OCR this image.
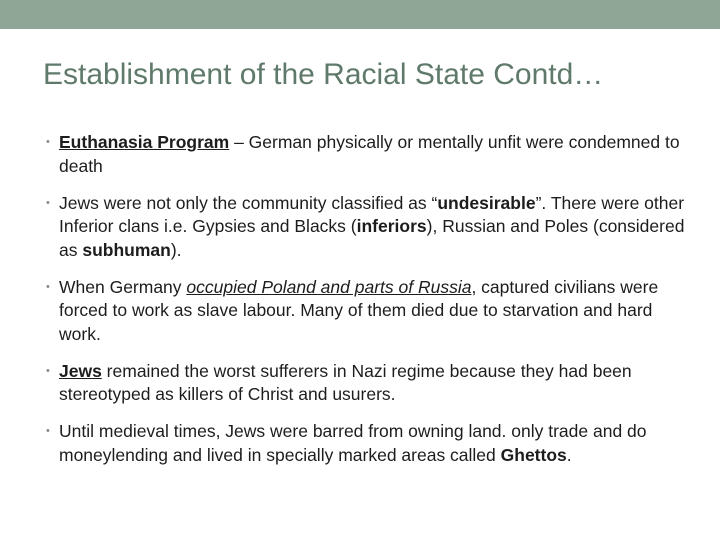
Establishment of the Racial State Contd…
• Euthanasia Program – German physically or mentally unfit were condemned to death
• Jews were not only the community classified as “undesirable”. There were other Inferior clans i.e. Gypsies and Blacks (inferiors), Russian and Poles (considered as subhuman).
• When Germany occupied Poland and parts of Russia, captured civilians were forced to work as slave labour. Many of them died due to starvation and hard work.
• Jews remained the worst sufferers in Nazi regime because they had been stereotyped as killers of Christ and usurers.
• Until medieval times, Jews were barred from owning land. only trade and do moneylending and lived in specially marked areas called Ghettos.
